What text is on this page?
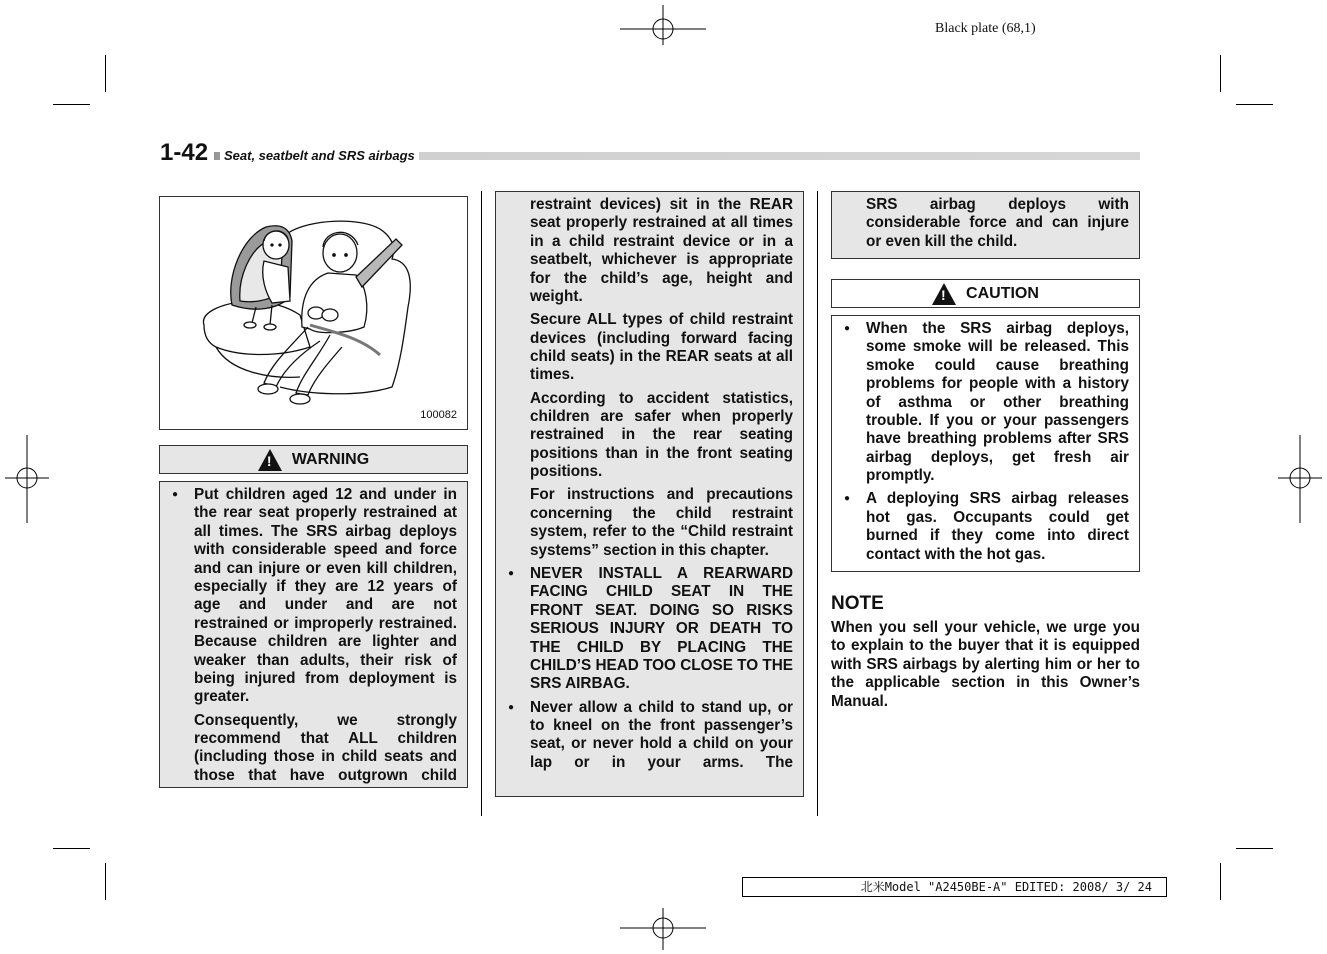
Black plate (68,1)
1-42	Seat, seatbelt and SRS airbags
100082
! WARNING

● Put children aged 12 and under in the rear seat properly restrained at all times. The SRS airbag deploys with considerable speed and force and can injure or even kill children, especially if they are 12 years of age and under and are not restrained or improperly restrained. Because children are lighter and weaker than adults, their risk of being injured from deployment is greater.

Consequently, we strongly recommend that ALL children (including those in child seats and those that have outgrown child

restraint devices) sit in the REAR seat properly restrained at all times in a child restraint device or in a seatbelt, whichever is appropriate for the child’s age, height and weight.

Secure ALL types of child restraint devices (including forward facing child seats) in the REAR seats at all times.

According to accident statistics, children are safer when properly restrained in the rear seating positions than in the front seating positions.

For instructions and precautions concerning the child restraint system, refer to the “Child restraint systems” section in this chapter.

● NEVER INSTALL A REARWARD FACING CHILD SEAT IN THE FRONT SEAT. DOING SO RISKS SERIOUS INJURY OR DEATH TO THE CHILD BY PLACING THE CHILD’S HEAD TOO CLOSE TO THE SRS AIRBAG.

● Never allow a child to stand up, or to kneel on the front passenger’s seat, or never hold a child on your lap or in your arms. The

SRS airbag deploys with considerable force and can injure or even kill the child.

! CAUTION

● When the SRS airbag deploys, some smoke will be released. This smoke could cause breathing problems for people with a history of asthma or other breathing trouble. If you or your passengers have breathing problems after SRS airbag deploys, get fresh air promptly.

● A deploying SRS airbag releases hot gas. Occupants could get burned if they come into direct contact with the hot gas.

NOTE
When you sell your vehicle, we urge you to explain to the buyer that it is equipped with SRS airbags by alerting him or her to the applicable section in this Owner’s Manual.
北米Model "A2450BE-A" EDITED: 2008/ 3/ 24
